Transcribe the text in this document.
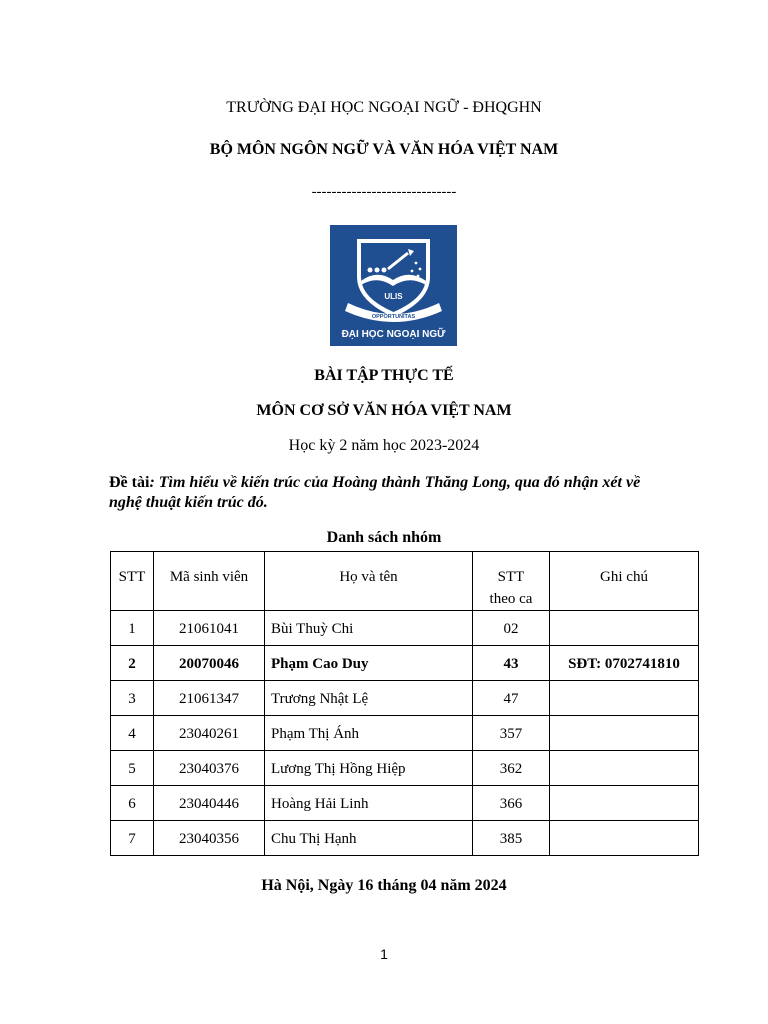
TRƯỜNG ĐẠI HỌC NGOẠI NGỮ - ĐHQGHN
BỘ MÔN NGÔN NGỮ VÀ VĂN HÓA VIỆT NAM
-----------------------------
ULIS
OPPORTUNITAS
ĐẠI HỌC NGOẠI NGỮ
BÀI TẬP THỰC TẾ
MÔN CƠ SỞ VĂN HÓA VIỆT NAM
Học kỳ 2 năm học 2023-2024
Đề tài: Tìm hiểu về kiến trúc của Hoàng thành Thăng Long, qua đó nhận xét về nghệ thuật kiến trúc đó.
Danh sách nhóm
STT	Mã sinh viên	Họ và tên	STT theo ca	Ghi chú
1	21061041	Bùi Thuỳ Chi	02	
2	20070046	Phạm Cao Duy	43	SĐT: 0702741810
3	21061347	Trương Nhật Lệ	47	
4	23040261	Phạm Thị Ánh	357	
5	23040376	Lương Thị Hồng Hiệp	362	
6	23040446	Hoàng Hải Linh	366	
7	23040356	Chu Thị Hạnh	385	
Hà Nội, Ngày 16 tháng 04 năm 2024
1
